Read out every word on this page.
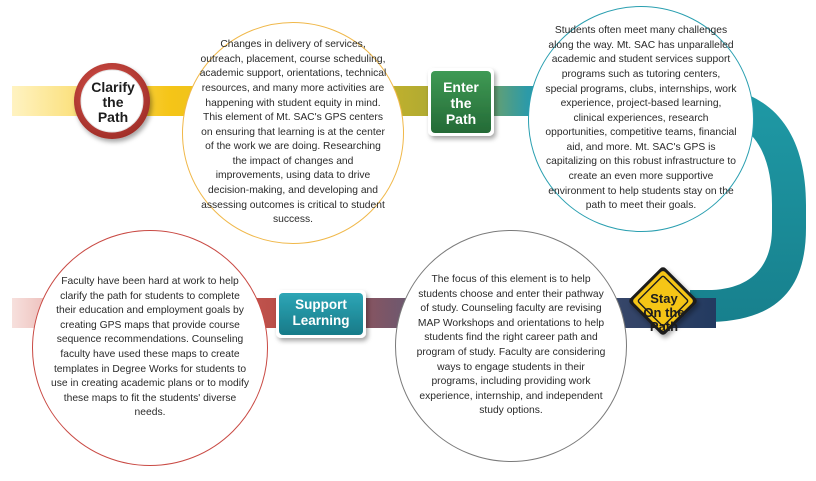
Changes in delivery of services, outreach, placement, course scheduling, academic support, orientations, technical resources, and many more activities are happening with student equity in mind. This element of Mt. SAC's GPS centers on ensuring that learning is at the center of the work we are doing. Researching the impact of changes and improvements, using data to drive decision-making, and developing and assessing outcomes is critical to student success.

Students often meet many challenges along the way. Mt. SAC has unparalleled academic and student services support programs such as tutoring centers, special programs, clubs, internships, work experience, project-based learning, clinical experiences, research opportunities, competitive teams, financial aid, and more. Mt. SAC's GPS is capitalizing on this robust infrastructure to create an even more supportive environment to help students stay on the path to meet their goals.

Faculty have been hard at work to help clarify the path for students to complete their education and employment goals by creating GPS maps that provide course sequence recommendations. Counseling faculty have used these maps to create templates in Degree Works for students to use in creating academic plans or to modify these maps to fit the students' diverse needs.

The focus of this element is to help students choose and enter their pathway of study. Counseling faculty are revising MAP Workshops and orientations to help students find the right career path and program of study. Faculty are considering ways to engage students in their programs, including providing work experience, internship, and independent study options.

Clarify
the
Path
Enter
the
Path
Support
Learning
Stay
On the
Path
